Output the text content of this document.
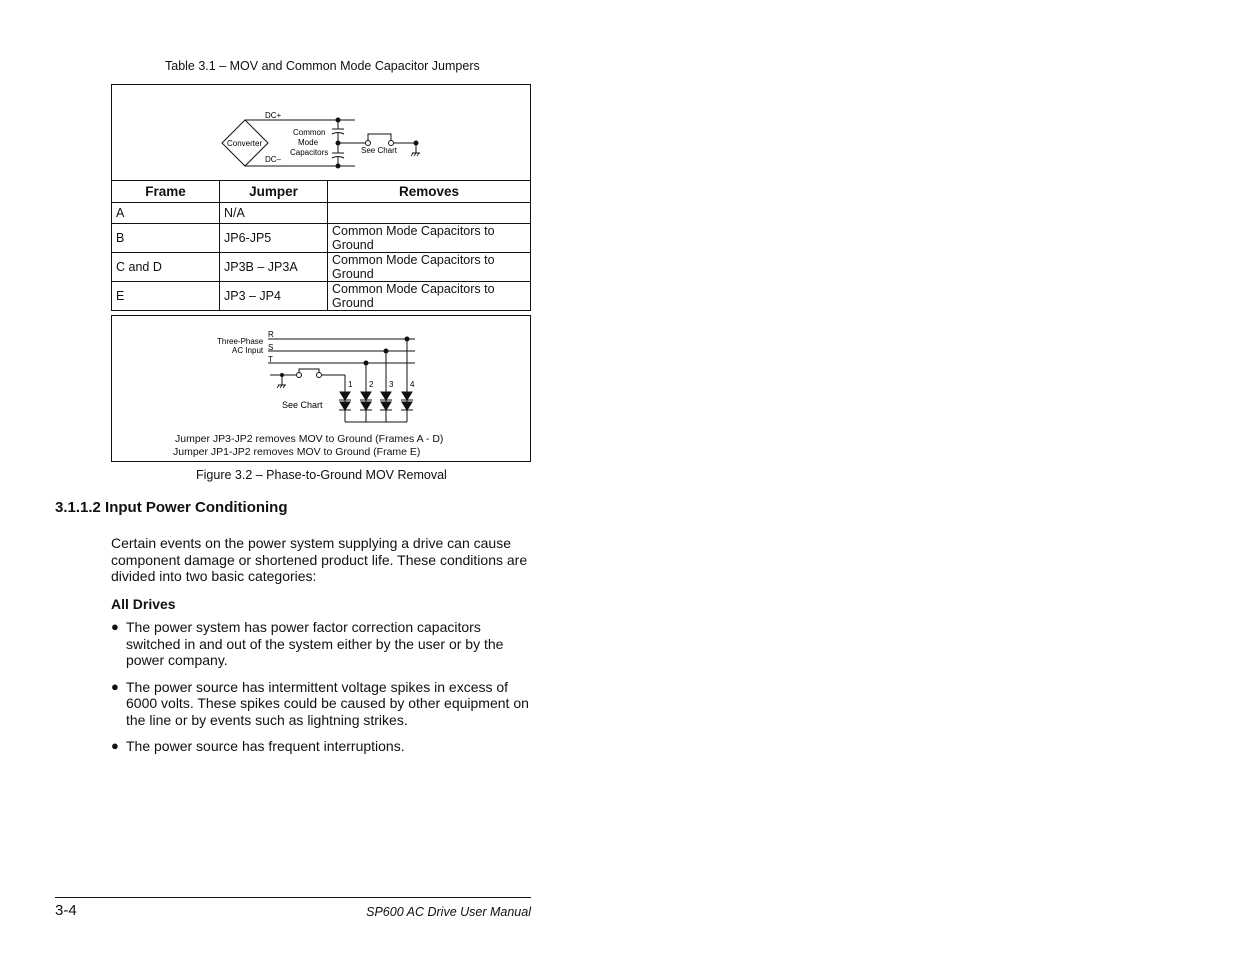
Table 3.1 – MOV and Common Mode Capacitor Jumpers
Converter
DC+
DC–
Common
Mode
Capacitors	See Chart
Frame	Jumper	Removes
A	N/A	
B	JP6-JP5	Common Mode Capacitors to Ground
C and D	JP3B – JP3A	Common Mode Capacitors to Ground
E	JP3 – JP4	Common Mode Capacitors to Ground
Three-Phase
AC Input
R
S
T
1 2 3 4
See Chart
Jumper JP3-JP2 removes MOV to Ground (Frames A - D)
Jumper JP1-JP2 removes MOV to Ground (Frame E)
Figure 3.2 – Phase-to-Ground MOV Removal
3.1.1.2 Input Power Conditioning
Certain events on the power system supplying a drive can cause component damage or shortened product life. These conditions are divided into two basic categories:
All Drives
● The power system has power factor correction capacitors switched in and out of the system either by the user or by the power company.
● The power source has intermittent voltage spikes in excess of 6000 volts. These spikes could be caused by other equipment on the line or by events such as lightning strikes.
● The power source has frequent interruptions.
3-4	SP600 AC Drive User Manual
